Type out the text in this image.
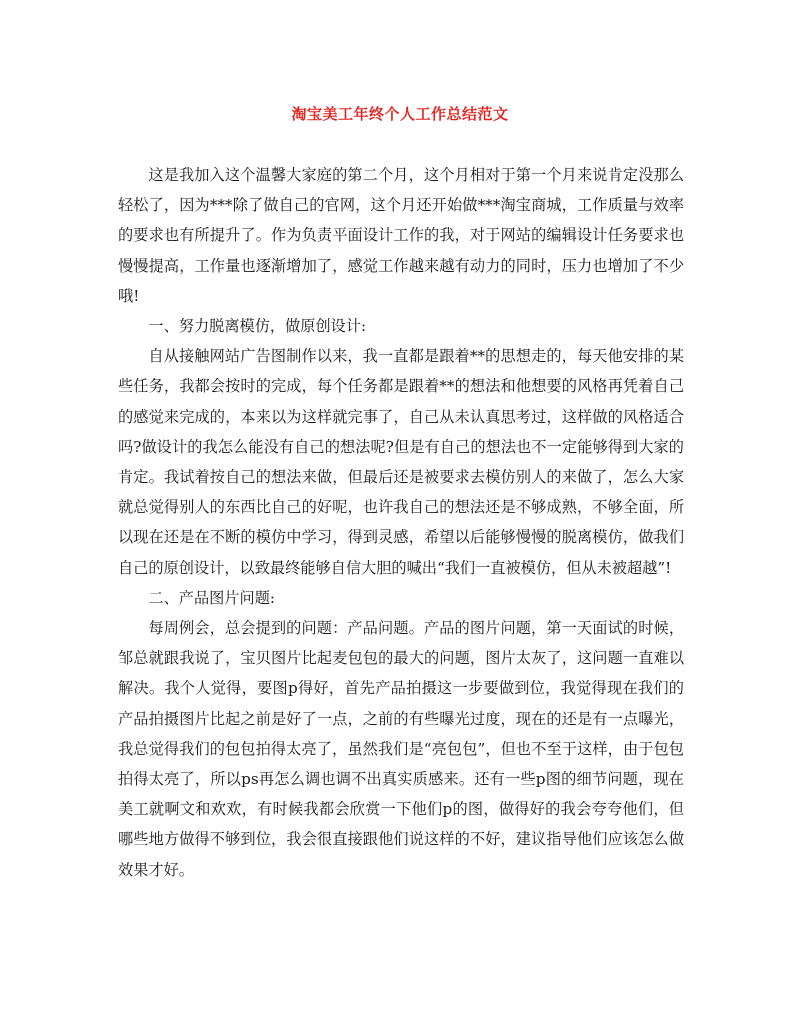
淘宝美工年终个人工作总结范文

这是我加入这个温馨大家庭的第二个月，这个月相对于第一个月来说肯定没那么轻松了，因为***除了做自己的官网，这个月还开始做***淘宝商城，工作质量与效率的要求也有所提升了。作为负责平面设计工作的我，对于网站的编辑设计任务要求也慢慢提高，工作量也逐渐增加了，感觉工作越来越有动力的同时，压力也增加了不少哦!

一、努力脱离模仿，做原创设计:

自从接触网站广告图制作以来，我一直都是跟着**的思想走的，每天他安排的某些任务，我都会按时的完成，每个任务都是跟着**的想法和他想要的风格再凭着自己的感觉来完成的，本来以为这样就完事了，自己从未认真思考过，这样做的风格适合吗?做设计的我怎么能没有自己的想法呢?但是有自己的想法也不一定能够得到大家的肯定。我试着按自己的想法来做，但最后还是被要求去模仿别人的来做了，怎么大家就总觉得别人的东西比自己的好呢，也许我自己的想法还是不够成熟，不够全面，所以现在还是在不断的模仿中学习，得到灵感，希望以后能够慢慢的脱离模仿，做我们自己的原创设计，以致最终能够自信大胆的喊出“我们一直被模仿，但从未被超越”!

二、产品图片问题:

每周例会，总会提到的问题：产品问题。产品的图片问题，第一天面试的时候，邹总就跟我说了，宝贝图片比起麦包包的最大的问题，图片太灰了，这问题一直难以解决。我个人觉得，要图p得好，首先产品拍摄这一步要做到位，我觉得现在我们的产品拍摄图片比起之前是好了一点，之前的有些曝光过度，现在的还是有一点曝光，我总觉得我们的包包拍得太亮了，虽然我们是“亮包包”，但也不至于这样，由于包包拍得太亮了，所以ps再怎么调也调不出真实质感来。还有一些p图的细节问题，现在美工就啊文和欢欢，有时候我都会欣赏一下他们p的图，做得好的我会夸夸他们，但哪些地方做得不够到位，我会很直接跟他们说这样的不好，建议指导他们应该怎么做效果才好。
